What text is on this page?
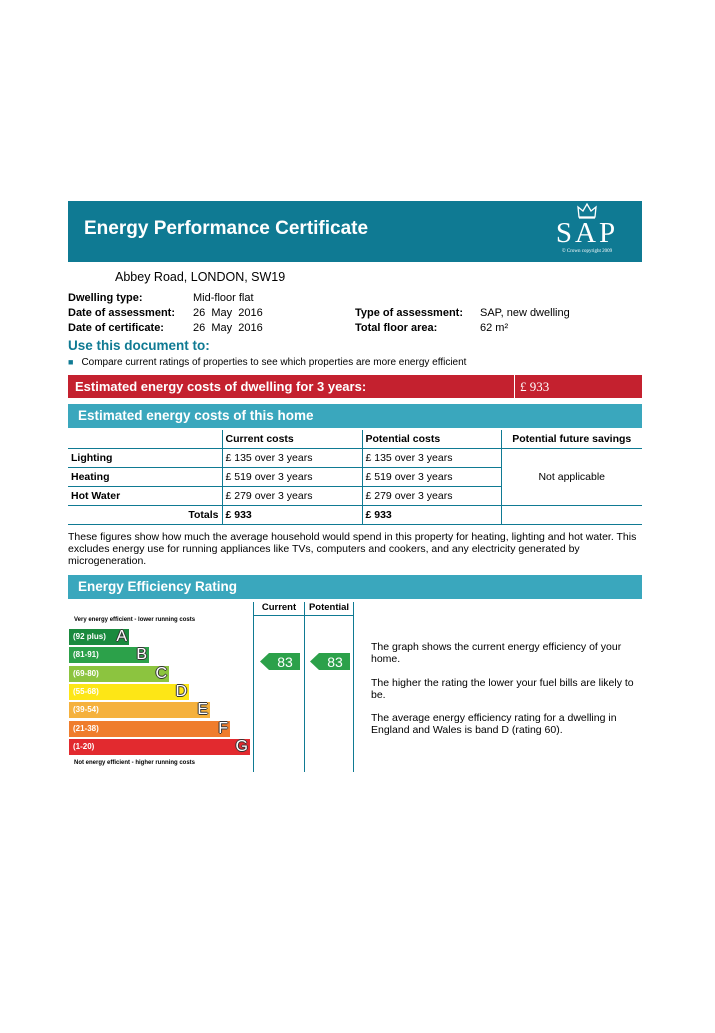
Energy Performance Certificate	SAP
© Crown copyright 2009
Abbey Road, LONDON, SW19
Dwelling type:	Mid-floor flat
Date of assessment: 26  May  2016
Date of certificate:	26  May  2016
Type of assessment: SAP, new dwelling
Total floor area:	62 m²
Use this document to:
■ Compare current ratings of properties to see which properties are more energy efficient
Estimated energy costs of dwelling for 3 years:	£ 933
Estimated energy costs of this home
	Current costs	Potential costs	Potential future savings
Lighting	£ 135 over 3 years	£ 135 over 3 years	Not applicable
Heating	£ 519 over 3 years	£ 519 over 3 years	
Hot Water	£ 279 over 3 years	£ 279 over 3 years	
Totals	£ 933	£ 933	
These figures show how much the average household would spend in this property for heating, lighting and hot water. This excludes energy use for running appliances like TVs, computers and cookers, and any electricity generated by microgeneration.
Energy Efficiency Rating
Current	Potential
Very energy efficient - lower running costs
Not energy efficient - higher running costs
(92 plus) A
(81-91) B
(69-80)	C
(55-68)	D
(39-54)	E
(21-38)	F
(1-20)	G
83	83
The graph shows the current energy efficiency of your home.
The higher the rating the lower your fuel bills are likely to be.
The average energy efficiency rating for a dwelling in England and Wales is band D (rating 60).
